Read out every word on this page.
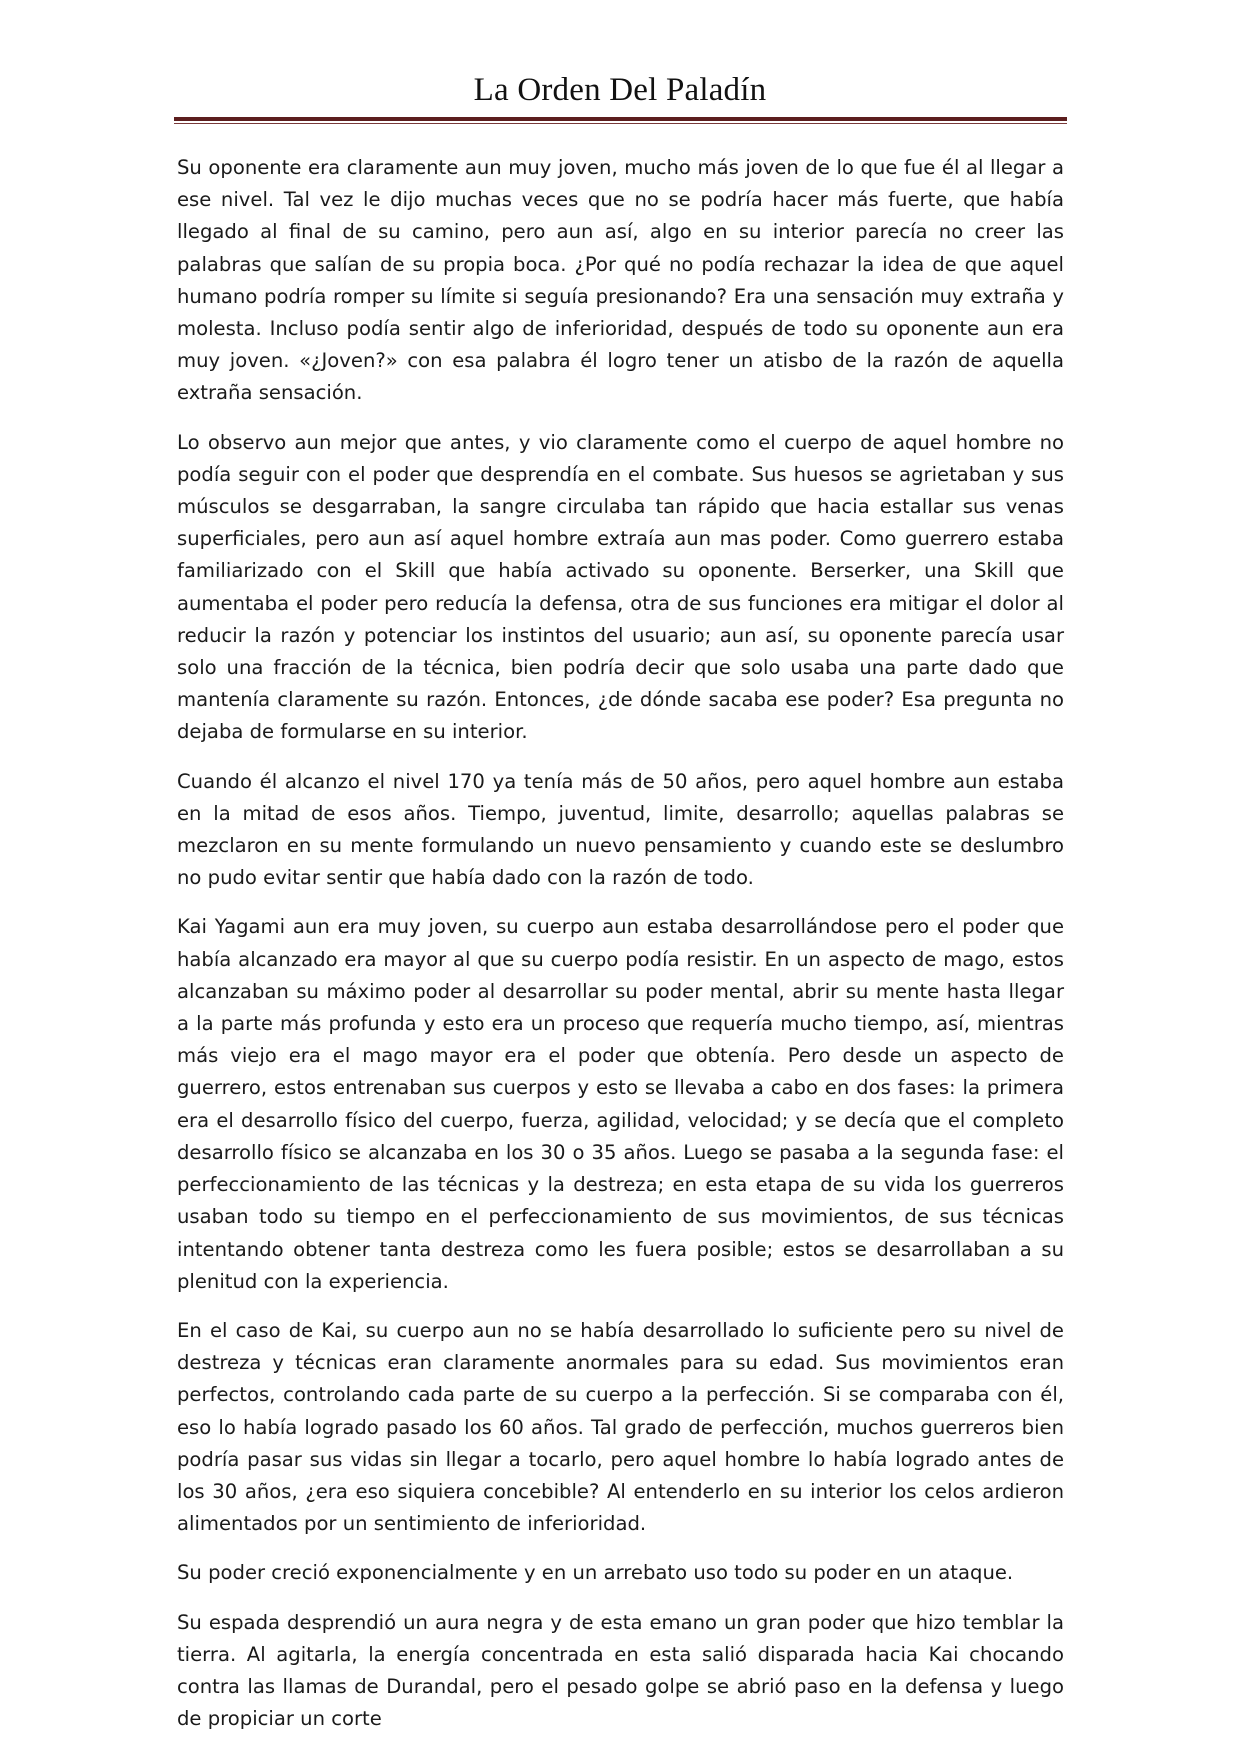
La Orden Del Paladín

Su oponente era claramente aun muy joven, mucho más joven de lo que fue él al llegar a ese nivel. Tal vez le dijo muchas veces que no se podría hacer más fuerte, que había llegado al final de su camino, pero aun así, algo en su interior parecía no creer las palabras que salían de su propia boca. ¿Por qué no podía rechazar la idea de que aquel humano podría romper su límite si seguía presionando? Era una sensación muy extraña y molesta. Incluso podía sentir algo de inferioridad, después de todo su oponente aun era muy joven. «¿Joven?» con esa palabra él logro tener un atisbo de la razón de aquella extraña sensación.

Lo observo aun mejor que antes, y vio claramente como el cuerpo de aquel hombre no podía seguir con el poder que desprendía en el combate. Sus huesos se agrietaban y sus músculos se desgarraban, la sangre circulaba tan rápido que hacia estallar sus venas superficiales, pero aun así aquel hombre extraía aun mas poder. Como guerrero estaba familiarizado con el Skill que había activado su oponente. Berserker, una Skill que aumentaba el poder pero reducía la defensa, otra de sus funciones era mitigar el dolor al reducir la razón y potenciar los instintos del usuario; aun así, su oponente parecía usar solo una fracción de la técnica, bien podría decir que solo usaba una parte dado que mantenía claramente su razón. Entonces, ¿de dónde sacaba ese poder? Esa pregunta no dejaba de formularse en su interior.

Cuando él alcanzo el nivel 170 ya tenía más de 50 años, pero aquel hombre aun estaba en la mitad de esos años. Tiempo, juventud, limite, desarrollo; aquellas palabras se mezclaron en su mente formulando un nuevo pensamiento y cuando este se deslumbro no pudo evitar sentir que había dado con la razón de todo.

Kai Yagami aun era muy joven, su cuerpo aun estaba desarrollándose pero el poder que había alcanzado era mayor al que su cuerpo podía resistir. En un aspecto de mago, estos alcanzaban su máximo poder al desarrollar su poder mental, abrir su mente hasta llegar a la parte más profunda y esto era un proceso que requería mucho tiempo, así, mientras más viejo era el mago mayor era el poder que obtenía. Pero desde un aspecto de guerrero, estos entrenaban sus cuerpos y esto se llevaba a cabo en dos fases: la primera era el desarrollo físico del cuerpo, fuerza, agilidad, velocidad; y se decía que el completo desarrollo físico se alcanzaba en los 30 o 35 años. Luego se pasaba a la segunda fase: el perfeccionamiento de las técnicas y la destreza; en esta etapa de su vida los guerreros usaban todo su tiempo en el perfeccionamiento de sus movimientos, de sus técnicas intentando obtener tanta destreza como les fuera posible; estos se desarrollaban a su plenitud con la experiencia.

En el caso de Kai, su cuerpo aun no se había desarrollado lo suficiente pero su nivel de destreza y técnicas eran claramente anormales para su edad. Sus movimientos eran perfectos, controlando cada parte de su cuerpo a la perfección. Si se comparaba con él, eso lo había logrado pasado los 60 años. Tal grado de perfección, muchos guerreros bien podría pasar sus vidas sin llegar a tocarlo, pero aquel hombre lo había logrado antes de los 30 años, ¿era eso siquiera concebible? Al entenderlo en su interior los celos ardieron alimentados por un sentimiento de inferioridad.

Su poder creció exponencialmente y en un arrebato uso todo su poder en un ataque.

Su espada desprendió un aura negra y de esta emano un gran poder que hizo temblar la tierra. Al agitarla, la energía concentrada en esta salió disparada hacia Kai chocando contra las llamas de Durandal, pero el pesado golpe se abrió paso en la defensa y luego de propiciar un corte
